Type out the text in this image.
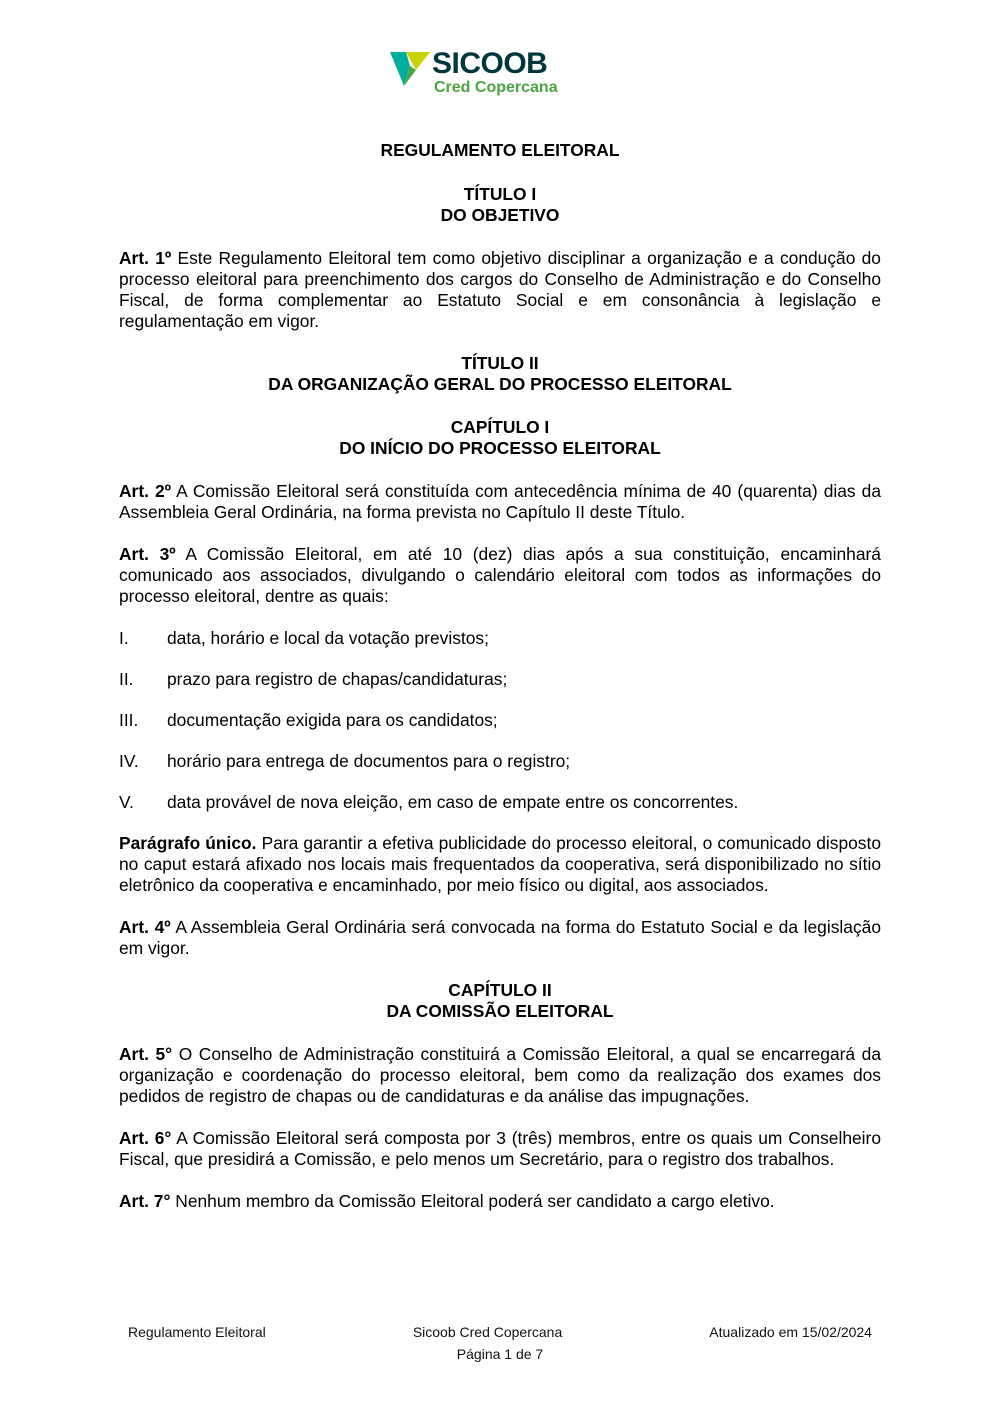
SICOOB
Cred Copercana
REGULAMENTO ELEITORAL
TÍTULO I
DO OBJETIVO

Art. 1º Este Regulamento Eleitoral tem como objetivo disciplinar a organização e a condução do processo eleitoral para preenchimento dos cargos do Conselho de Administração e do Conselho Fiscal, de forma complementar ao Estatuto Social e em consonância à legislação e regulamentação em vigor.

TÍTULO II
DA ORGANIZAÇÃO GERAL DO PROCESSO ELEITORAL
CAPÍTULO I
DO INÍCIO DO PROCESSO ELEITORAL

Art. 2º A Comissão Eleitoral será constituída com antecedência mínima de 40 (quarenta) dias da Assembleia Geral Ordinária, na forma prevista no Capítulo II deste Título.

Art. 3º A Comissão Eleitoral, em até 10 (dez) dias após a sua constituição, encaminhará comunicado aos associados, divulgando o calendário eleitoral com todos as informações do processo eleitoral, dentre as quais:

I.	data, horário e local da votação previstos;
II.	prazo para registro de chapas/candidaturas;
III.	documentação exigida para os candidatos;
IV.	horário para entrega de documentos para o registro;
V.	data provável de nova eleição, em caso de empate entre os concorrentes.

Parágrafo único. Para garantir a efetiva publicidade do processo eleitoral, o comunicado disposto no caput estará afixado nos locais mais frequentados da cooperativa, será disponibilizado no sítio eletrônico da cooperativa e encaminhado, por meio físico ou digital, aos associados.

Art. 4º A Assembleia Geral Ordinária será convocada na forma do Estatuto Social e da legislação em vigor.

CAPÍTULO II
DA COMISSÃO ELEITORAL

Art. 5° O Conselho de Administração constituirá a Comissão Eleitoral, a qual se encarregará da organização e coordenação do processo eleitoral, bem como da realização dos exames dos pedidos de registro de chapas ou de candidaturas e da análise das impugnações.

Art. 6° A Comissão Eleitoral será composta por 3 (três) membros, entre os quais um Conselheiro Fiscal, que presidirá a Comissão, e pelo menos um Secretário, para o registro dos trabalhos.

Art. 7° Nenhum membro da Comissão Eleitoral poderá ser candidato a cargo eletivo.

Regulamento Eleitoral	Sicoob Cred Copercana	Atualizado em 15/02/2024
Página 1 de 7
